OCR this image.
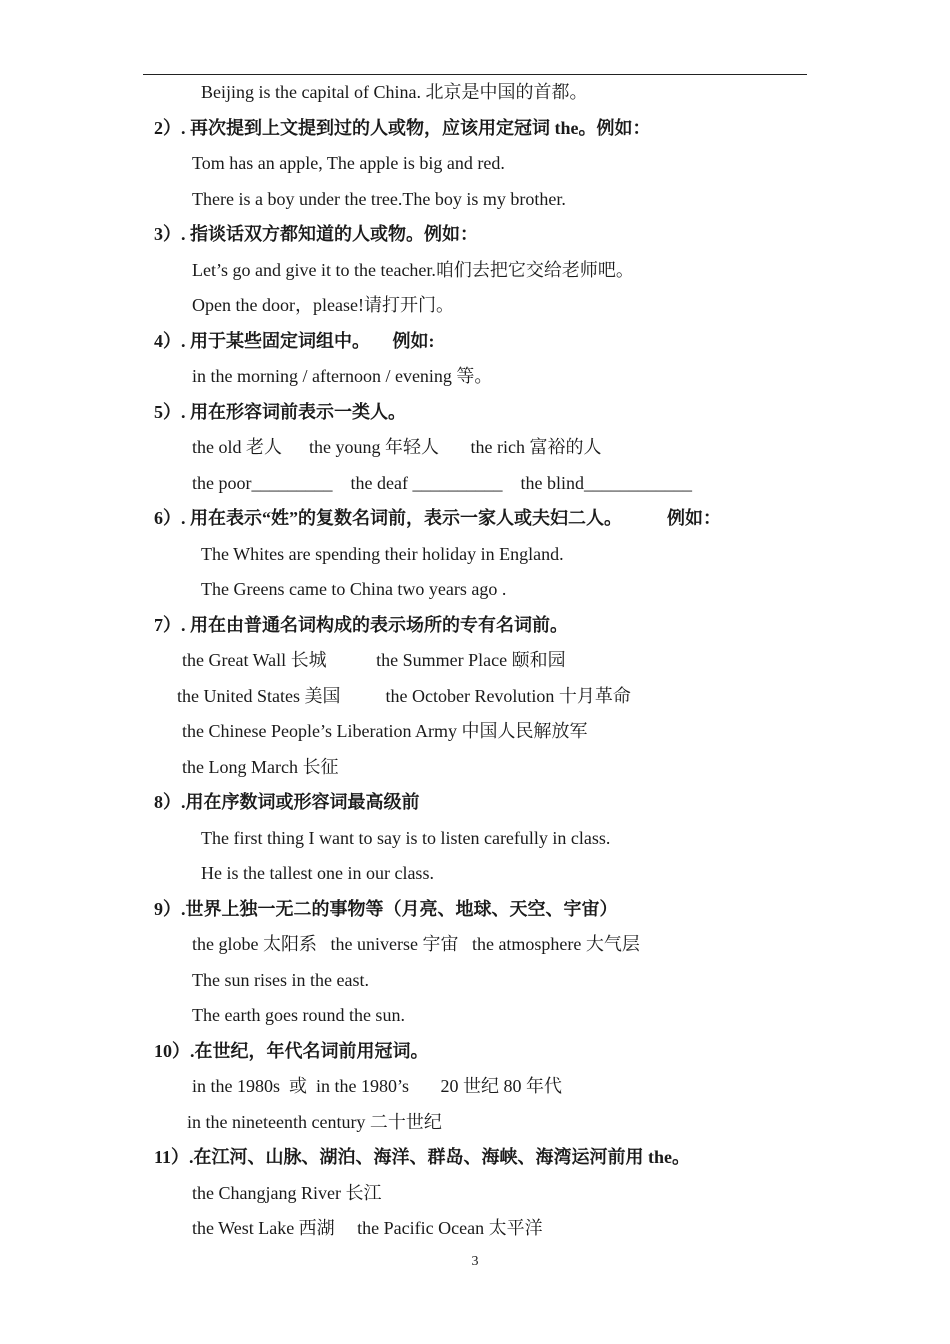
Beijing is the capital of China. 北京是中国的首都。
2）. 再次提到上文提到过的人或物，应该用定冠词 the。例如：
Tom has an apple, The apple is big and red.
There is a boy under the tree.The boy is my brother.
3）. 指谈话双方都知道的人或物。例如：
Let’s go and give it to the teacher.咱们去把它交给老师吧。
Open the door，please!请打开门。
4）. 用于某些固定词组中。     例如:
in the morning / afternoon / evening 等。
5）. 用在形容词前表示一类人。
the old 老人      the young 年轻人       the rich 富裕的人
the poor_________    the deaf __________    the blind____________
6）. 用在表示“姓”的复数名词前，表示一家人或夫妇二人。          例如：
The Whites are spending their holiday in England.
The Greens came to China two years ago .
7）. 用在由普通名词构成的表示场所的专有名词前。
the Great Wall 长城           the Summer Place 颐和园
the United States 美国          the October Revolution 十月革命
the Chinese People’s Liberation Army 中国人民解放军
the Long March 长征
8）.用在序数词或形容词最高级前
The first thing I want to say is to listen carefully in class.
He is the tallest one in our class.
9）.世界上独一无二的事物等（月亮、地球、天空、宇宙）
the globe 太阳系   the universe 宇宙   the atmosphere 大气层
The sun rises in the east.
The earth goes round the sun.
10）.在世纪，年代名词前用冠词。
in the 1980s  或  in the 1980’s       20 世纪 80 年代
in the nineteenth century 二十世纪
11）.在江河、山脉、湖泊、海洋、群岛、海峡、海湾运河前用 the。
the Changjang River 长江
the West Lake 西湖     the Pacific Ocean 太平洋
3
